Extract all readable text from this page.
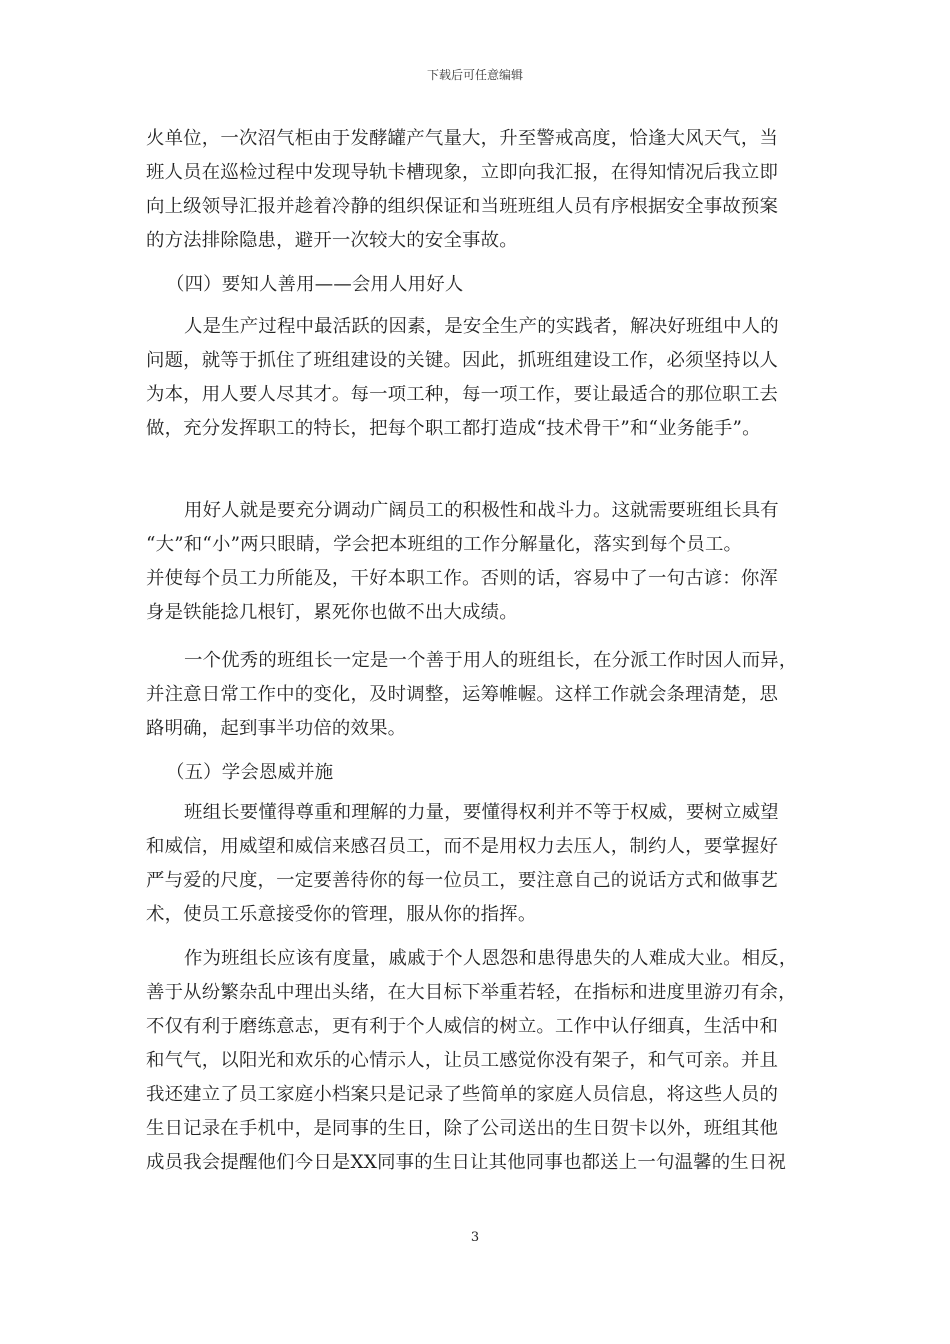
下载后可任意编辑
火单位，一次沼气柜由于发酵罐产气量大，升至警戒高度，恰逢大风天气，当
班人员在巡检过程中发现导轨卡槽现象，立即向我汇报，在得知情况后我立即
向上级领导汇报并趁着冷静的组织保证和当班班组人员有序根据安全事故预案
的方法排除隐患，避开一次较大的安全事故。
（四）要知人善用——会用人用好人
人是生产过程中最活跃的因素，是安全生产的实践者，解决好班组中人的
问题，就等于抓住了班组建设的关键。因此，抓班组建设工作，必须坚持以人
为本，用人要人尽其才。每一项工种，每一项工作，要让最适合的那位职工去
做，充分发挥职工的特长，把每个职工都打造成“技术骨干”和“业务能手”。
用好人就是要充分调动广阔员工的积极性和战斗力。这就需要班组长具有
“大”和“小”两只眼睛，学会把本班组的工作分解量化，落实到每个员工。
并使每个员工力所能及，干好本职工作。否则的话，容易中了一句古谚：你浑
身是铁能捻几根钉，累死你也做不出大成绩。
一个优秀的班组长一定是一个善于用人的班组长，在分派工作时因人而异，
并注意日常工作中的变化，及时调整，运筹帷幄。这样工作就会条理清楚，思
路明确，起到事半功倍的效果。
（五）学会恩威并施
班组长要懂得尊重和理解的力量，要懂得权利并不等于权威，要树立威望
和威信，用威望和威信来感召员工，而不是用权力去压人，制约人，要掌握好
严与爱的尺度，一定要善待你的每一位员工，要注意自己的说话方式和做事艺
术，使员工乐意接受你的管理，服从你的指挥。
作为班组长应该有度量，戚戚于个人恩怨和患得患失的人难成大业。相反，
善于从纷繁杂乱中理出头绪，在大目标下举重若轻，在指标和进度里游刃有余，
不仅有利于磨练意志，更有利于个人威信的树立。工作中认仔细真，生活中和
和气气，以阳光和欢乐的心情示人，让员工感觉你没有架子，和气可亲。并且
我还建立了员工家庭小档案只是记录了些简单的家庭人员信息，将这些人员的
生日记录在手机中，是同事的生日，除了公司送出的生日贺卡以外，班组其他
成员我会提醒他们今日是XX同事的生日让其他同事也都送上一句温馨的生日祝
3
